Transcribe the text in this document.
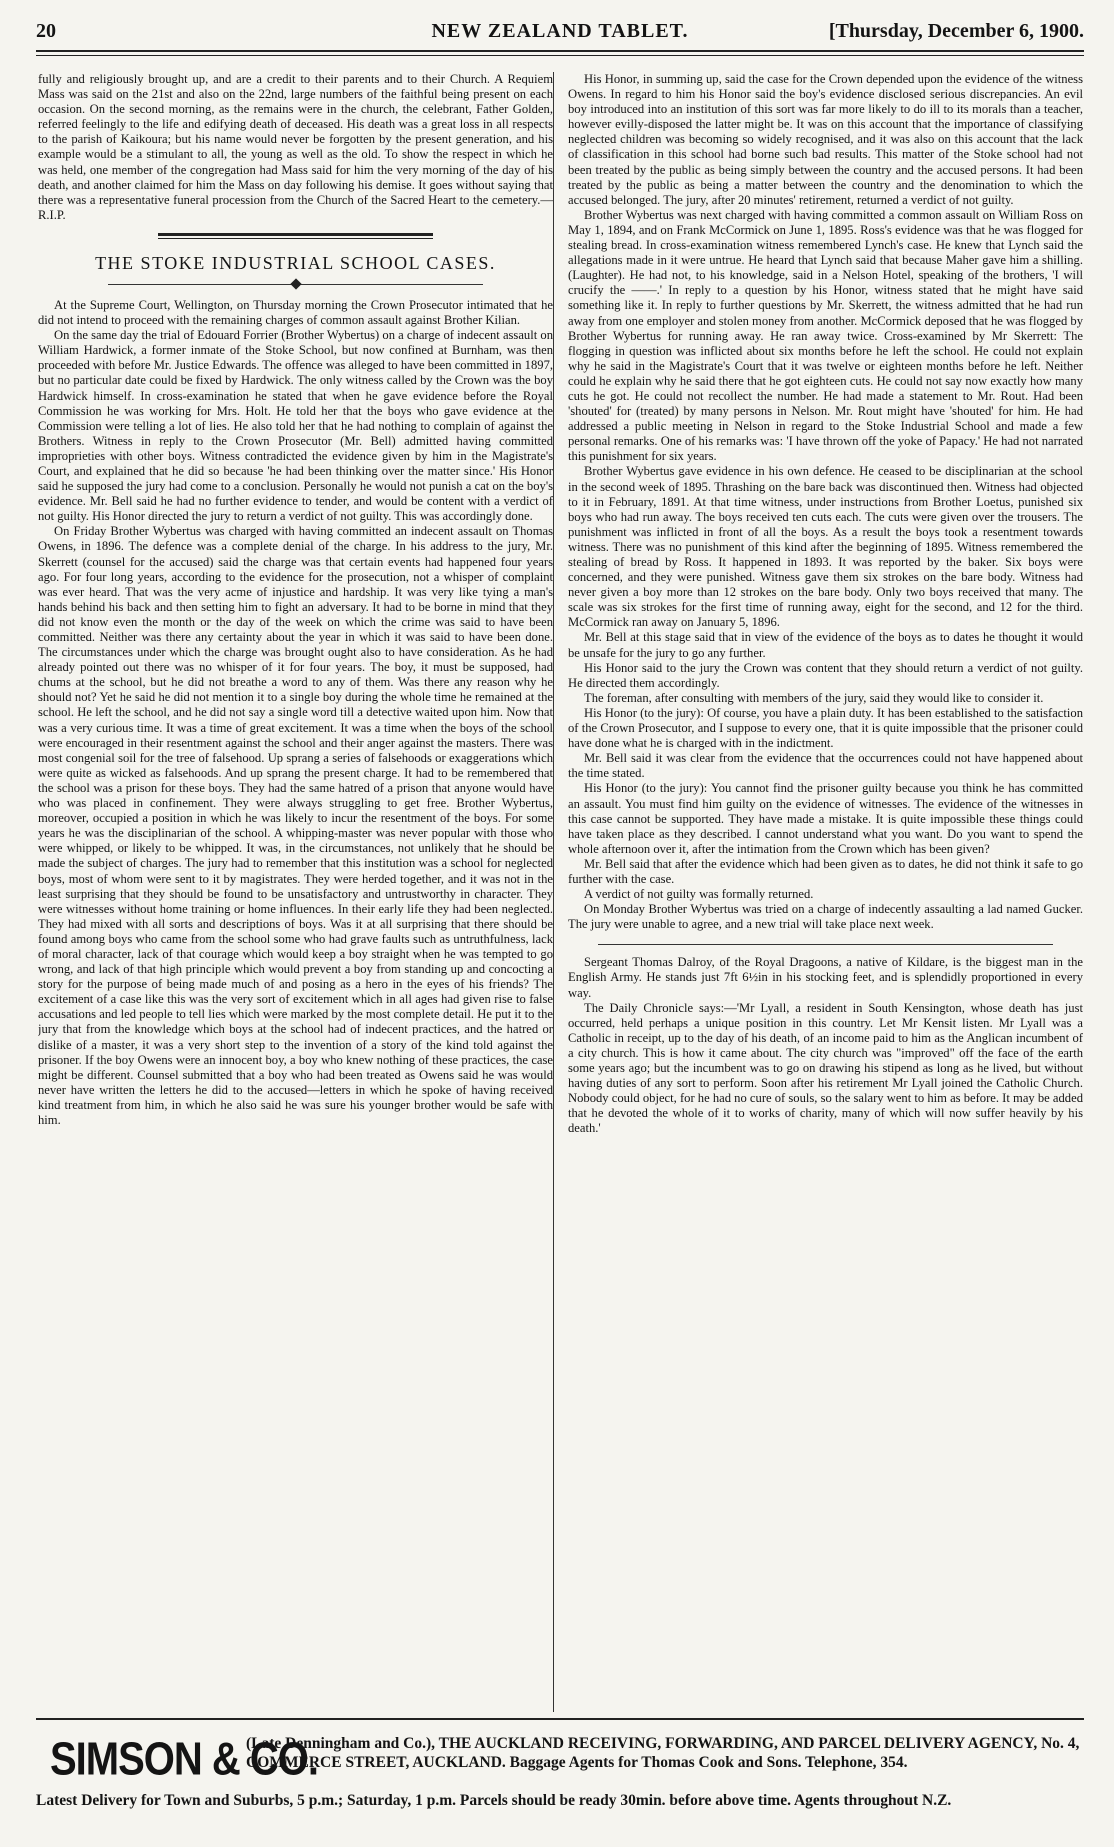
20	NEW ZEALAND TABLET.	[Thursday, December 6, 1900.

fully and religiously brought up, and are a credit to their parents and to their Church. A Requiem Mass was said on the 21st and also on the 22nd, large numbers of the faithful being present on each occasion. On the second morning, as the remains were in the church, the celebrant, Father Golden, referred feelingly to the life and edifying death of deceased. His death was a great loss in all respects to the parish of Kaikoura; but his name would never be forgotten by the present generation, and his example would be a stimulant to all, the young as well as the old. To show the respect in which he was held, one member of the congregation had Mass said for him the very morning of the day of his death, and another claimed for him the Mass on day following his demise. It goes without saying that there was a representative funeral procession from the Church of the Sacred Heart to the cemetery.—R.I.P.

THE STOKE INDUSTRIAL SCHOOL CASES.

At the Supreme Court, Wellington, on Thursday morning the Crown Prosecutor intimated that he did not intend to proceed with the remaining charges of common assault against Brother Kilian.

On the same day the trial of Edouard Forrier (Brother Wybertus) on a charge of indecent assault on William Hardwick, a former inmate of the Stoke School, but now confined at Burnham, was then proceeded with before Mr. Justice Edwards. The offence was alleged to have been committed in 1897, but no particular date could be fixed by Hardwick. The only witness called by the Crown was the boy Hardwick himself. In cross-examination he stated that when he gave evidence before the Royal Commission he was working for Mrs. Holt. He told her that the boys who gave evidence at the Commission were telling a lot of lies. He also told her that he had nothing to complain of against the Brothers. Witness in reply to the Crown Prosecutor (Mr. Bell) admitted having committed improprieties with other boys. Witness contradicted the evidence given by him in the Magistrate's Court, and explained that he did so because 'he had been thinking over the matter since.' His Honor said he supposed the jury had come to a conclusion. Personally he would not punish a cat on the boy's evidence. Mr. Bell said he had no further evidence to tender, and would be content with a verdict of not guilty. His Honor directed the jury to return a verdict of not guilty. This was accordingly done.

On Friday Brother Wybertus was charged with having committed an indecent assault on Thomas Owens, in 1896. The defence was a complete denial of the charge. In his address to the jury, Mr. Skerrett (counsel for the accused) said the charge was that certain events had happened four years ago. For four long years, according to the evidence for the prosecution, not a whisper of complaint was ever heard. That was the very acme of injustice and hardship. It was very like tying a man's hands behind his back and then setting him to fight an adversary. It had to be borne in mind that they did not know even the month or the day of the week on which the crime was said to have been committed. Neither was there any certainty about the year in which it was said to have been done. The circumstances under which the charge was brought ought also to have consideration. As he had already pointed out there was no whisper of it for four years. The boy, it must be supposed, had chums at the school, but he did not breathe a word to any of them. Was there any reason why he should not? Yet he said he did not mention it to a single boy during the whole time he remained at the school. He left the school, and he did not say a single word till a detective waited upon him. Now that was a very curious time. It was a time of great excitement. It was a time when the boys of the school were encouraged in their resentment against the school and their anger against the masters. There was most congenial soil for the tree of falsehood. Up sprang a series of falsehoods or exaggerations which were quite as wicked as falsehoods. And up sprang the present charge. It had to be remembered that the school was a prison for these boys. They had the same hatred of a prison that anyone would have who was placed in confinement. They were always struggling to get free. Brother Wybertus, moreover, occupied a position in which he was likely to incur the resentment of the boys. For some years he was the disciplinarian of the school. A whipping-master was never popular with those who were whipped, or likely to be whipped. It was, in the circumstances, not unlikely that he should be made the subject of charges. The jury had to remember that this institution was a school for neglected boys, most of whom were sent to it by magistrates. They were herded together, and it was not in the least surprising that they should be found to be unsatisfactory and untrustworthy in character. They were witnesses without home training or home influences. In their early life they had been neglected. They had mixed with all sorts and descriptions of boys. Was it at all surprising that there should be found among boys who came from the school some who had grave faults such as untruthfulness, lack of moral character, lack of that courage which would keep a boy straight when he was tempted to go wrong, and lack of that high principle which would prevent a boy from standing up and concocting a story for the purpose of being made much of and posing as a hero in the eyes of his friends? The excitement of a case like this was the very sort of excitement which in all ages had given rise to false accusations and led people to tell lies which were marked by the most complete detail. He put it to the jury that from the knowledge which boys at the school had of indecent practices, and the hatred or dislike of a master, it was a very short step to the invention of a story of the kind told against the prisoner. If the boy Owens were an innocent boy, a boy who knew nothing of these practices, the case might be different. Counsel submitted that a boy who had been treated as Owens said he was would never have written the letters he did to the accused—letters in which he spoke of having received kind treatment from him, in which he also said he was sure his younger brother would be safe with him.

His Honor, in summing up, said the case for the Crown depended upon the evidence of the witness Owens. In regard to him his Honor said the boy's evidence disclosed serious discrepancies. An evil boy introduced into an institution of this sort was far more likely to do ill to its morals than a teacher, however evilly-disposed the latter might be. It was on this account that the importance of classifying neglected children was becoming so widely recognised, and it was also on this account that the lack of classification in this school had borne such bad results. This matter of the Stoke school had not been treated by the public as being simply between the country and the accused persons. It had been treated by the public as being a matter between the country and the denomination to which the accused belonged. The jury, after 20 minutes' retirement, returned a verdict of not guilty.

Brother Wybertus was next charged with having committed a common assault on William Ross on May 1, 1894, and on Frank McCormick on June 1, 1895. Ross's evidence was that he was flogged for stealing bread. In cross-examination witness remembered Lynch's case. He knew that Lynch said the allegations made in it were untrue. He heard that Lynch said that because Maher gave him a shilling. (Laughter). He had not, to his knowledge, said in a Nelson Hotel, speaking of the brothers, 'I will crucify the ——.' In reply to a question by his Honor, witness stated that he might have said something like it. In reply to further questions by Mr. Skerrett, the witness admitted that he had run away from one employer and stolen money from another. McCormick deposed that he was flogged by Brother Wybertus for running away. He ran away twice. Cross-examined by Mr Skerrett: The flogging in question was inflicted about six months before he left the school. He could not explain why he said in the Magistrate's Court that it was twelve or eighteen months before he left. Neither could he explain why he said there that he got eighteen cuts. He could not say now exactly how many cuts he got. He could not recollect the number. He had made a statement to Mr. Rout. Had been 'shouted' for (treated) by many persons in Nelson. Mr. Rout might have 'shouted' for him. He had addressed a public meeting in Nelson in regard to the Stoke Industrial School and made a few personal remarks. One of his remarks was: 'I have thrown off the yoke of Papacy.' He had not narrated this punishment for six years.

Brother Wybertus gave evidence in his own defence. He ceased to be disciplinarian at the school in the second week of 1895. Thrashing on the bare back was discontinued then. Witness had objected to it in February, 1891. At that time witness, under instructions from Brother Loetus, punished six boys who had run away. The boys received ten cuts each. The cuts were given over the trousers. The punishment was inflicted in front of all the boys. As a result the boys took a resentment towards witness. There was no punishment of this kind after the beginning of 1895. Witness remembered the stealing of bread by Ross. It happened in 1893. It was reported by the baker. Six boys were concerned, and they were punished. Witness gave them six strokes on the bare body. Witness had never given a boy more than 12 strokes on the bare body. Only two boys received that many. The scale was six strokes for the first time of running away, eight for the second, and 12 for the third. McCormick ran away on January 5, 1896.

Mr. Bell at this stage said that in view of the evidence of the boys as to dates he thought it would be unsafe for the jury to go any further.

His Honor said to the jury the Crown was content that they should return a verdict of not guilty. He directed them accordingly.

The foreman, after consulting with members of the jury, said they would like to consider it.

His Honor (to the jury): Of course, you have a plain duty. It has been established to the satisfaction of the Crown Prosecutor, and I suppose to every one, that it is quite impossible that the prisoner could have done what he is charged with in the indictment.

Mr. Bell said it was clear from the evidence that the occurrences could not have happened about the time stated.

His Honor (to the jury): You cannot find the prisoner guilty because you think he has committed an assault. You must find him guilty on the evidence of witnesses. The evidence of the witnesses in this case cannot be supported. They have made a mistake. It is quite impossible these things could have taken place as they described. I cannot understand what you want. Do you want to spend the whole afternoon over it, after the intimation from the Crown which has been given?

Mr. Bell said that after the evidence which had been given as to dates, he did not think it safe to go further with the case.

A verdict of not guilty was formally returned.

On Monday Brother Wybertus was tried on a charge of indecently assaulting a lad named Gucker. The jury were unable to agree, and a new trial will take place next week.

Sergeant Thomas Dalroy, of the Royal Dragoons, a native of Kildare, is the biggest man in the English Army. He stands just 7ft 6½in in his stocking feet, and is splendidly proportioned in every way.

The Daily Chronicle says:—'Mr Lyall, a resident in South Kensington, whose death has just occurred, held perhaps a unique position in this country. Let Mr Kensit listen. Mr Lyall was a Catholic in receipt, up to the day of his death, of an income paid to him as the Anglican incumbent of a city church. This is how it came about. The city church was "improved" off the face of the earth some years ago; but the incumbent was to go on drawing his stipend as long as he lived, but without having duties of any sort to perform. Soon after his retirement Mr Lyall joined the Catholic Church. Nobody could object, for he had no cure of souls, so the salary went to him as before. It may be added that he devoted the whole of it to works of charity, many of which will now suffer heavily by his death.'

SIMSON & CO.
(Late Denningham and Co.), THE AUCKLAND RECEIVING, FORWARDING, AND PARCEL DELIVERY AGENCY, No. 4, COMMERCE STREET, AUCKLAND. Baggage Agents for Thomas Cook and Sons. Telephone, 354.
Latest Delivery for Town and Suburbs, 5 p.m.; Saturday, 1 p.m. Parcels should be ready 30min. before above time. Agents throughout N.Z.
